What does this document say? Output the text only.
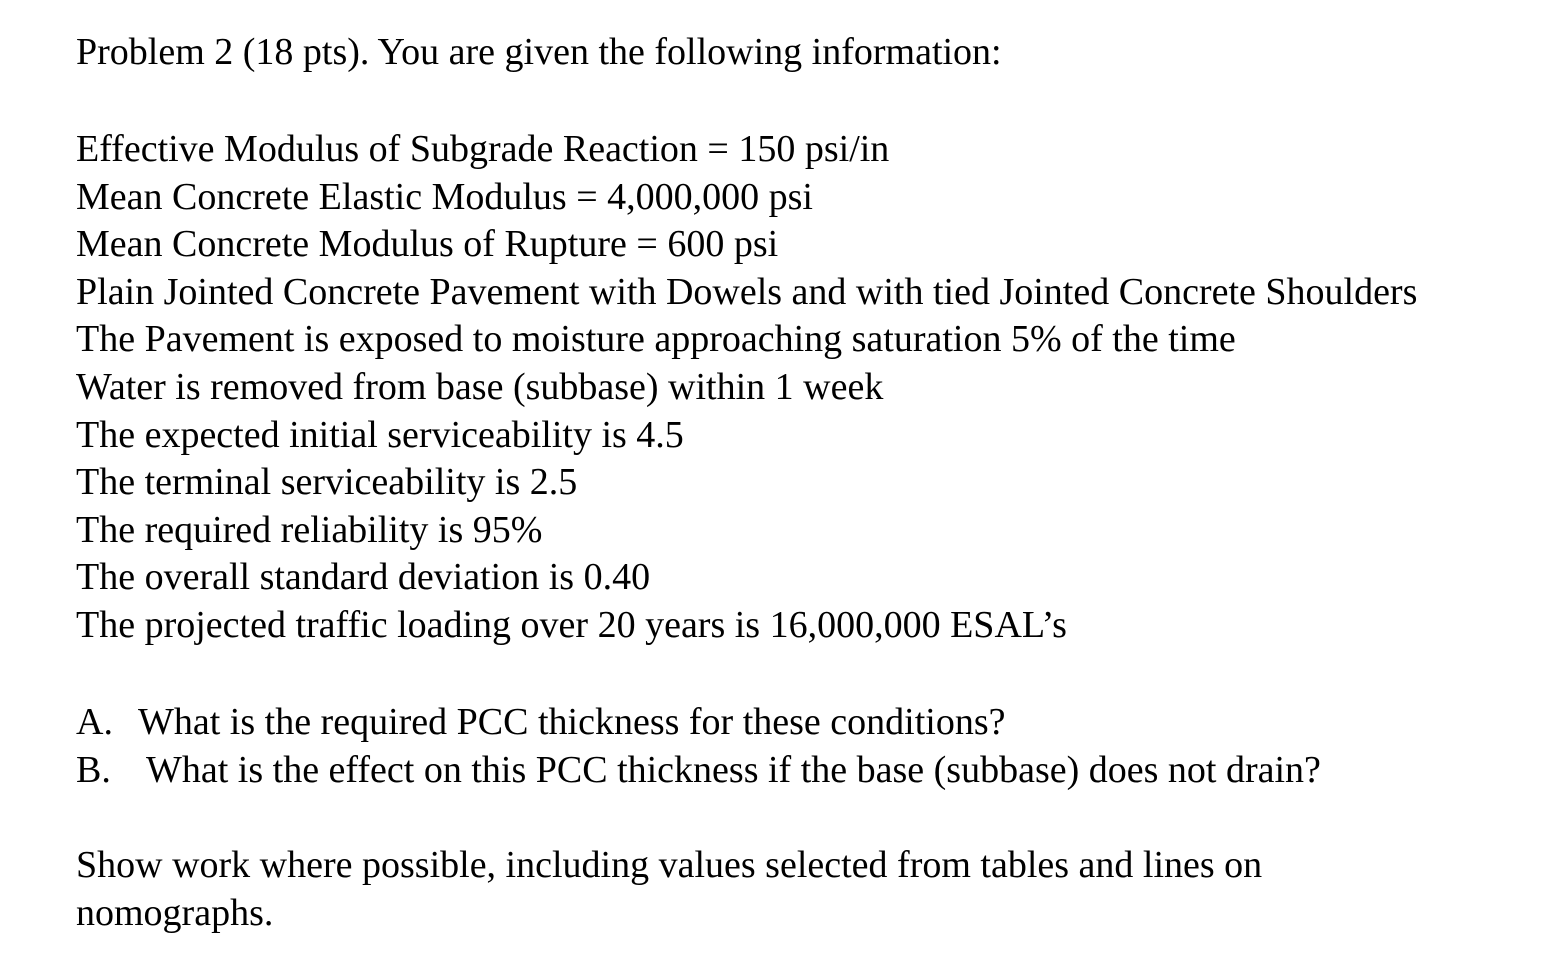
Problem 2 (18 pts). You are given the following information:
Effective Modulus of Subgrade Reaction = 150 psi/in
Mean Concrete Elastic Modulus = 4,000,000 psi
Mean Concrete Modulus of Rupture = 600 psi
Plain Jointed Concrete Pavement with Dowels and with tied Jointed Concrete Shoulders
The Pavement is exposed to moisture approaching saturation 5% of the time
Water is removed from base (subbase) within 1 week
The expected initial serviceability is 4.5
The terminal serviceability is 2.5
The required reliability is 95%
The overall standard deviation is 0.40
The projected traffic loading over 20 years is 16,000,000 ESAL’s
A. What is the required PCC thickness for these conditions?
B. What is the effect on this PCC thickness if the base (subbase) does not drain?
Show work where possible, including values selected from tables and lines on nomographs.
